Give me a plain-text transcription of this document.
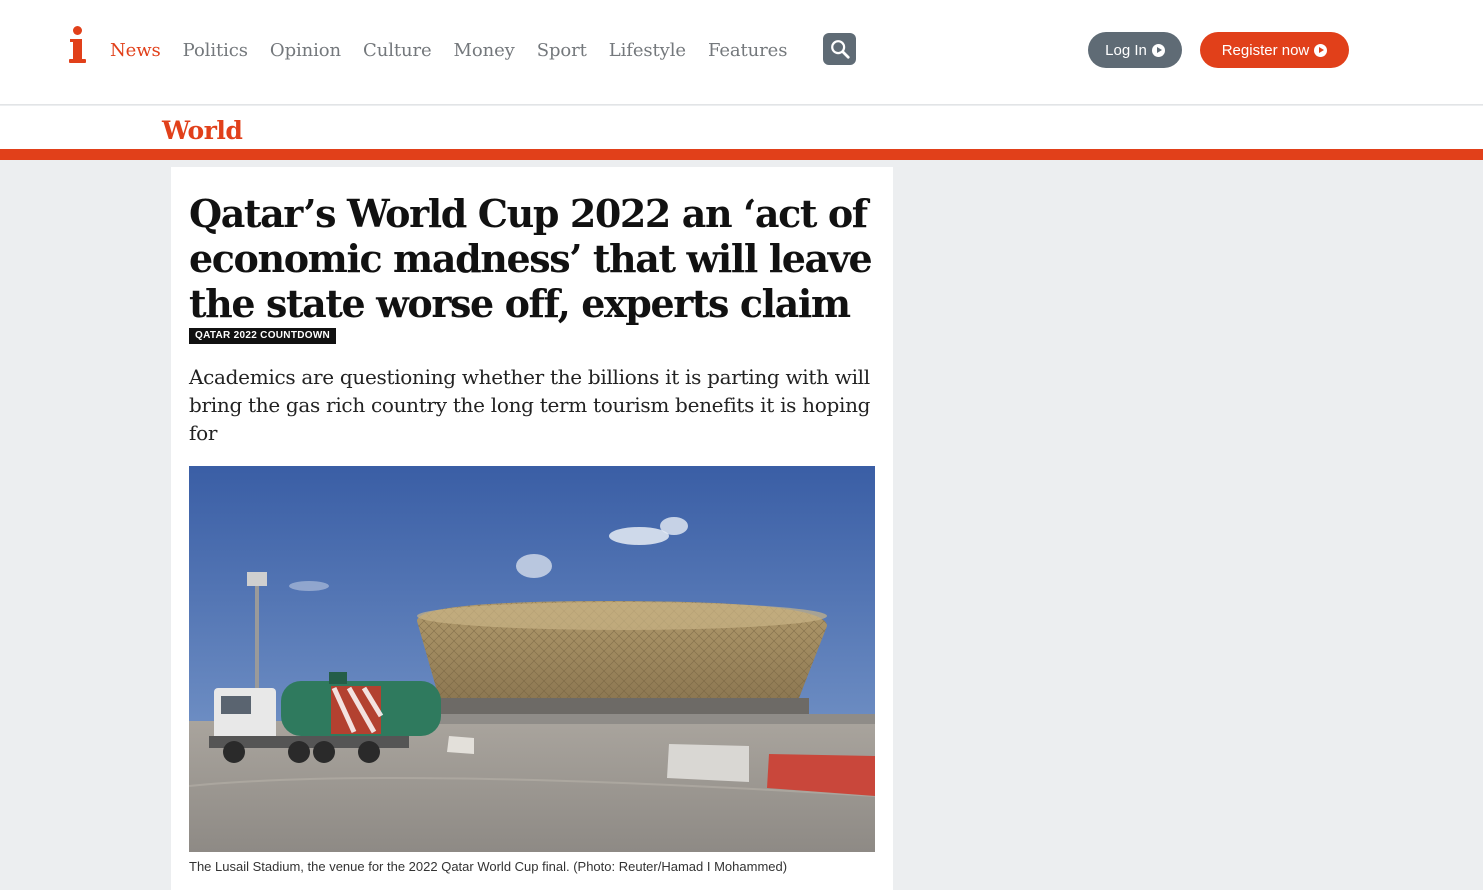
News Politics Opinion Culture Money Sport Lifestyle Features	Log In	Register now
World
Qatar’s World Cup 2022 an ‘act of economic madness’ that will leave the state worse off, experts claim
QATAR 2022 COUNTDOWN

Academics are questioning whether the billions it is parting with will bring the gas rich country the long term tourism benefits it is hoping for

The Lusail Stadium, the venue for the 2022 Qatar World Cup final. (Photo: Reuter/Hamad I Mohammed)
